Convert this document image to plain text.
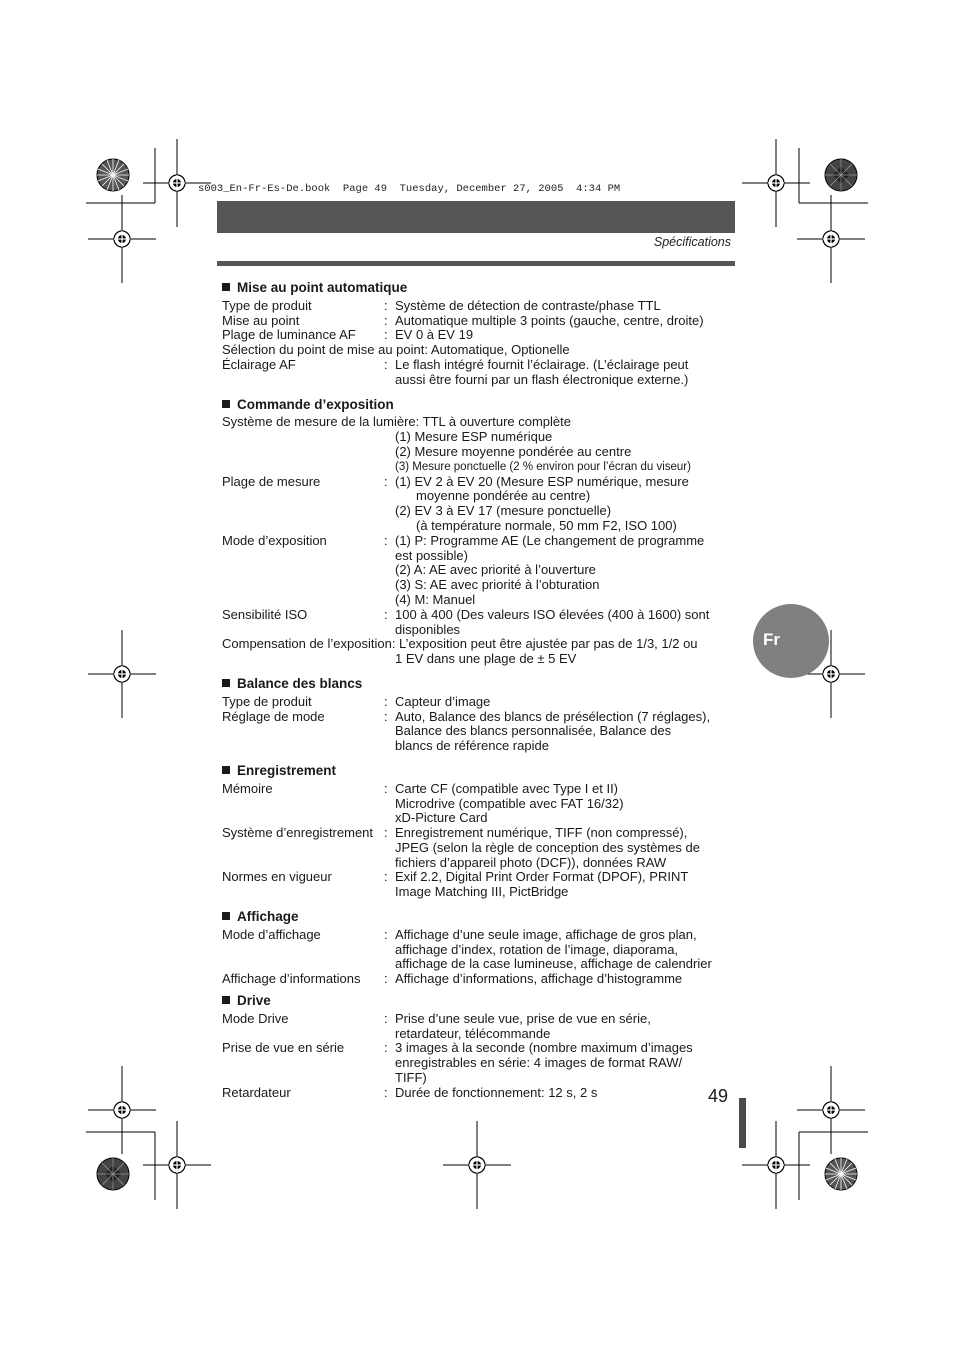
s003_En-Fr-Es-De.book  Page 49  Tuesday, December 27, 2005  4:34 PM
Spécifications
Mise au point automatique
Type de produit	: Système de détection de contraste/phase TTL
Mise au point	: Automatique multiple 3 points (gauche, centre, droite)
Plage de luminance AF	: EV 0 à EV 19
Sélection du point de mise au point: Automatique, Optionelle
Éclairage AF	: Le flash intégré fournit l’éclairage. (L’éclairage peut
aussi être fourni par un flash électronique externe.)
Commande d’exposition
Système de mesure de la lumière: TTL à ouverture complète
(1) Mesure ESP numérique
(2) Mesure moyenne pondérée au centre
(3) Mesure ponctuelle (2 % environ pour l’écran du viseur)
Plage de mesure	: (1) EV 2 à EV 20 (Mesure ESP numérique, mesure
moyenne pondérée au centre)
(2) EV 3 à EV 17 (mesure ponctuelle)
(à température normale, 50 mm F2, ISO 100)
Mode d’exposition	: (1) P: Programme AE (Le changement de programme
est possible)
(2) A: AE avec priorité à l’ouverture
(3) S: AE avec priorité à l’obturation
(4) M: Manuel
Sensibilité ISO	: 100 à 400 (Des valeurs ISO élevées (400 à 1600) sont
disponibles
Compensation de l’exposition: L’exposition peut être ajustée par pas de 1/3, 1/2 ou
1 EV dans une plage de ± 5 EV
Balance des blancs
Type de produit	: Capteur d’image
Réglage de mode	: Auto, Balance des blancs de présélection (7 réglages),
Balance des blancs personnalisée, Balance des
blancs de référence rapide
Enregistrement
Mémoire	: Carte CF (compatible avec Type I et II)
Microdrive (compatible avec FAT 16/32)
xD-Picture Card
Système d’enregistrement : Enregistrement numérique, TIFF (non compressé),
JPEG (selon la règle de conception des systèmes de
fichiers d’appareil photo (DCF)), données RAW
Normes en vigueur	: Exif 2.2, Digital Print Order Format (DPOF), PRINT
Image Matching III, PictBridge
Affichage
Mode d’affichage	: Affichage d’une seule image, affichage de gros plan,
affichage d’index, rotation de l’image, diaporama,
affichage de la case lumineuse, affichage de calendrier
Affichage d’informations	: Affichage d’informations, affichage d’histogramme
Drive
Mode Drive	: Prise d’une seule vue, prise de vue en série,
retardateur, télécommande
Prise de vue en série	: 3 images à la seconde (nombre maximum d’images
enregistrables en série: 4 images de format RAW/
TIFF)
Retardateur	: Durée de fonctionnement: 12 s, 2 s
Fr
49
